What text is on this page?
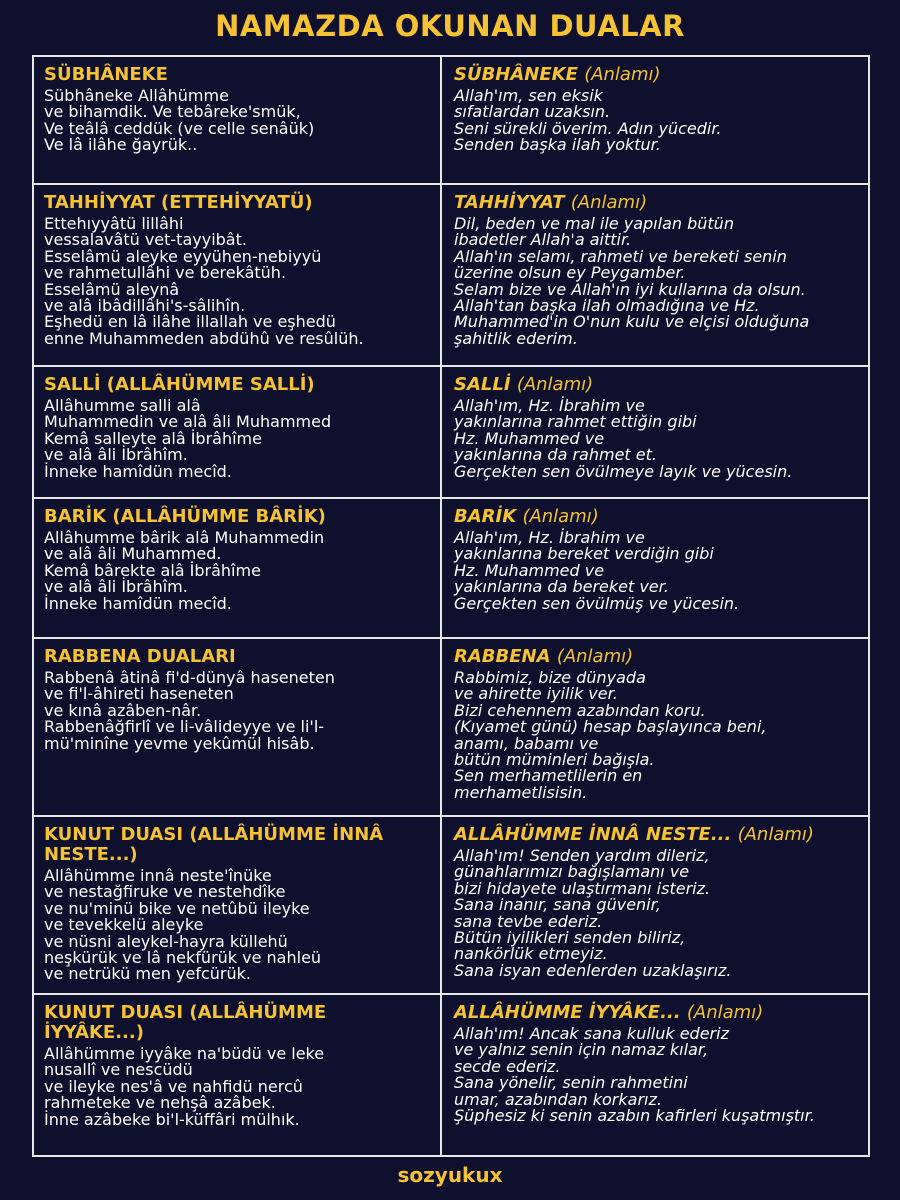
NAMAZDA OKUNAN DUALAR
SÜBHÂNEKE
Sübhâneke Allâhümme
ve bihamdik. Ve tebâreke'smük,
Ve teâlâ ceddük (ve celle senâük)
Ve lâ ilâhe ğayrük..
SÜBHÂNEKE (Anlamı)
Allah'ım, sen eksik
sıfatlardan uzaksın.
Seni sürekli överim. Adın yücedir.
Senden başka ilah yoktur.
TAHHİYYAT (ETTEHİYYATÜ)
Ettehıyyâtü lillâhi
vessalavâtü vet-tayyibât.
Esselâmü aleyke eyyühen-nebiyyü
ve rahmetullâhi ve berekâtüh.
Esselâmü aleynâ
ve alâ ibâdillâhi's-sâlihîn.
Eşhedü en lâ ilâhe illallah ve eşhedü
enne Muhammeden abdühû ve resûlüh.
TAHHİYYAT (Anlamı)
Dil, beden ve mal ile yapılan bütün
ibadetler Allah'a aittir.
Allah'ın selamı, rahmeti ve bereketi senin
üzerine olsun ey Peygamber.
Selam bize ve Allah'ın iyi kullarına da olsun.
Allah'tan başka ilah olmadığına ve Hz.
Muhammed'in O'nun kulu ve elçisi olduğuna
şahitlik ederim.
SALLİ (ALLÂHÜMME SALLİ)
Allâhumme salli alâ
Muhammedin ve alâ âli Muhammed
Kemâ salleyte alâ İbrâhîme
ve alâ âli İbrâhîm.
İnneke hamîdün mecîd.
SALLİ (Anlamı)
Allah'ım, Hz. İbrahim ve
yakınlarına rahmet ettiğin gibi
Hz. Muhammed ve
yakınlarına da rahmet et.
Gerçekten sen övülmeye layık ve yücesin.
BARİK (ALLÂHÜMME BÂRİK)
Allâhumme bârik alâ Muhammedin
ve alâ âli Muhammed.
Kemâ bârekte alâ İbrâhîme
ve alâ âli İbrâhîm.
İnneke hamîdün mecîd.
BARİK (Anlamı)
Allah'ım, Hz. İbrahim ve
yakınlarına bereket verdiğin gibi
Hz. Muhammed ve
yakınlarına da bereket ver.
Gerçekten sen övülmüş ve yücesin.
RABBENA DUALARI
Rabbenâ âtinâ fi'd-dünyâ haseneten
ve fi'l-âhireti haseneten
ve kınâ azâben-nâr.
Rabbenâğfirlî ve li-vâlideyye ve li'l-
mü'minîne yevme yekûmül hisâb.
RABBENA (Anlamı)
Rabbimiz, bize dünyada
ve ahirette iyilik ver.
Bizi cehennem azabından koru.
(Kıyamet günü) hesap başlayınca beni,
anamı, babamı ve
bütün müminleri bağışla.
Sen merhametlilerin en
merhametlisisin.
KUNUT DUASI (ALLÂHÜMME İNNÂ NESTE...)
Allâhümme innâ neste'înüke
ve nestağfiruke ve nestehdîke
ve nu'minü bike ve netûbü ileyke
ve tevekkelü aleyke
ve nüsni aleykel-hayra küllehü
neşkürük ve lâ nekfürük ve nahleü
ve netrükü men yefcürük.
ALLÂHÜMME İNNÂ NESTE... (Anlamı)
Allah'ım! Senden yardım dileriz,
günahlarımızı bağışlamanı ve
bizi hidayete ulaştırmanı isteriz.
Sana inanır, sana güvenir,
sana tevbe ederiz.
Bütün iyilikleri senden biliriz,
nankörlük etmeyiz.
Sana isyan edenlerden uzaklaşırız.
KUNUT DUASI (ALLÂHÜMME İYYÂKE...)
Allâhümme iyyâke na'büdü ve leke
nusallî ve nescüdü
ve ileyke nes'â ve nahfidü nercû
rahmeteke ve nehşâ azâbek.
İnne azâbeke bi'l-küffâri mülhık.
ALLÂHÜMME İYYÂKE... (Anlamı)
Allah'ım! Ancak sana kulluk ederiz
ve yalnız senin için namaz kılar,
secde ederiz.
Sana yönelir, senin rahmetini
umar, azabından korkarız.
Şüphesiz ki senin azabın kafirleri kuşatmıştır.
sozyukux
